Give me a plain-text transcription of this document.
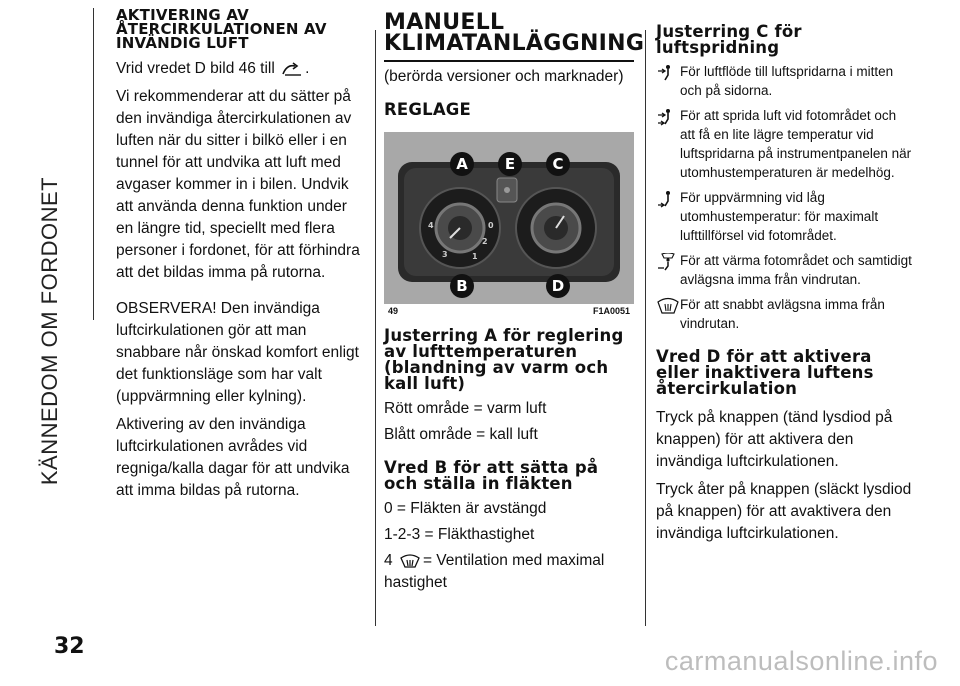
KÄNNEDOM OM FORDONET
AKTIVERING AV ÅTERCIRKULATIONEN AV INVÄNDIG LUFT

Vrid vredet D bild 46 till .

Vi rekommenderar att du sätter på den invändiga återcirkulationen av luften när du sitter i bilkö eller i en tunnel för att undvika att luft med avgaser kommer in i bilen. Undvik att använda denna funktion under en längre tid, speciellt med flera personer i fordonet, för att förhindra att det bildas imma på rutorna.

OBSERVERA! Den invändiga luftcirkulationen gör att man snabbare når önskad komfort enligt det funktionsläge som har valt (uppvärmning eller kylning).

Aktivering av den invändiga luftcirkulationen avrådes vid regniga/kalla dagar för att undvika att imma bildas på rutorna.

MANUELL KLIMATANLÄGGNING

(berörda versioner och marknader)

REGLAGE
4
3	1
0
2
A	E	C
B	D
49	F1A0051
Justerring A för reglering av lufttemperaturen (blandning av varm och kall luft)

Rött område = varm luft

Blått område = kall luft

Vred B för att sätta på och ställa in fläkten

0 = Fläkten är avstängd

1-2-3 = Fläkthastighet

4 = Ventilation med maximal hastighet

Justerring C för luftspridning
För luftflöde till luftspridarna i mitten och på sidorna.
För att sprida luft vid fotområdet och att få en lite lägre temperatur vid luftspridarna på instrumentpanelen när utomhustemperaturen är medelhög.
För uppvärmning vid låg utomhustemperatur: för maximalt lufttillförsel vid fotområdet.
För att värma fotområdet och samtidigt avlägsna imma från vindrutan.
För att snabbt avlägsna imma från vindrutan.
Vred D för att aktivera eller inaktivera luftens återcirkulation

Tryck på knappen (tänd lysdiod på knappen) för att aktivera den invändiga luftcirkulationen.

Tryck åter på knappen (släckt lysdiod på knappen) för att avaktivera den invändiga luftcirkulationen.

32	carmanualsonline.info
